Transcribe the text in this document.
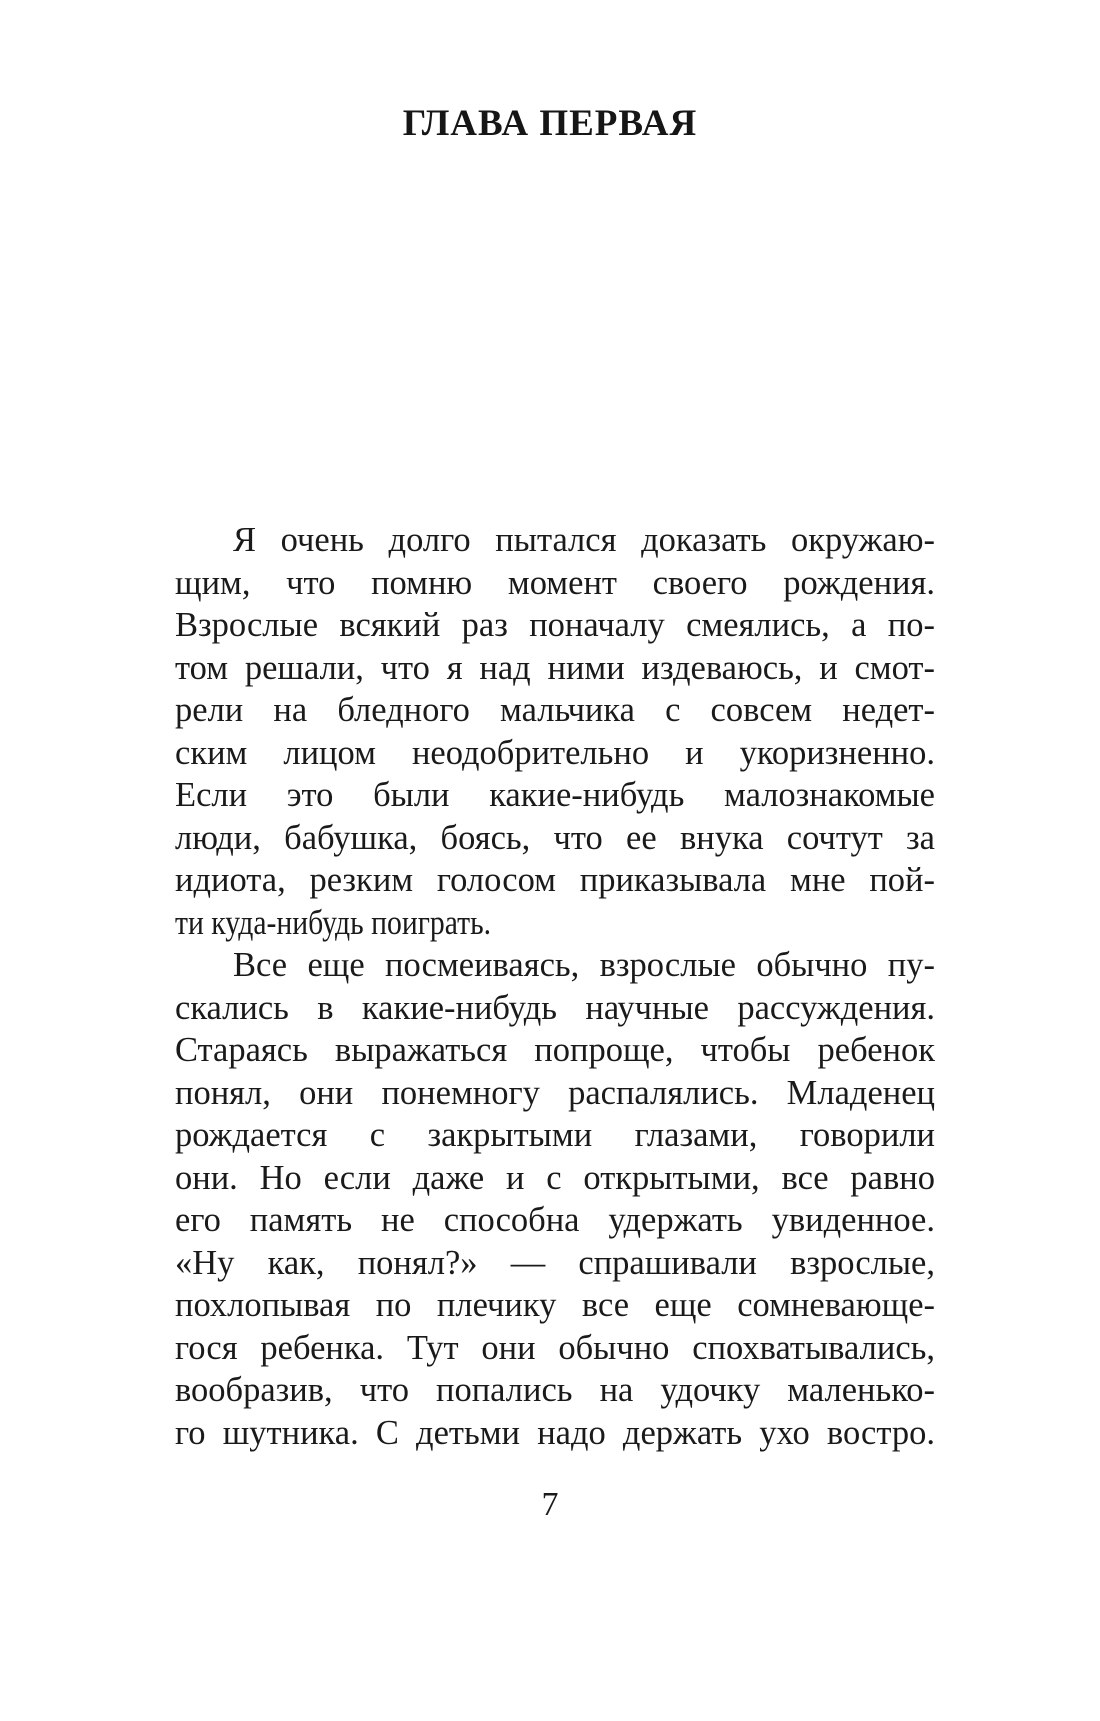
ГЛАВА ПЕРВАЯ
Я очень долго пытался доказать окружаю-
щим, что помню момент своего рождения.
Взрослые всякий раз поначалу смеялись, а по-
том решали, что я над ними издеваюсь, и смот-
рели на бледного мальчика с совсем недет-
ским лицом неодобрительно и укоризненно.
Если это были какие-нибудь малознакомые
люди, бабушка, боясь, что ее внука сочтут за
идиота, резким голосом приказывала мне пой-
ти куда-нибудь поиграть.
Все еще посмеиваясь, взрослые обычно пу-
скались в какие-нибудь научные рассуждения.
Стараясь выражаться попроще, чтобы ребенок
понял, они понемногу распалялись. Младенец
рождается с закрытыми глазами, говорили
они. Но если даже и с открытыми, все равно
его память не способна удержать увиденное.
«Ну как, понял?» — спрашивали взрослые,
похлопывая по плечику все еще сомневающе-
гося ребенка. Тут они обычно спохватывались,
вообразив, что попались на удочку маленько-
го шутника. С детьми надо держать ухо востро.
7
